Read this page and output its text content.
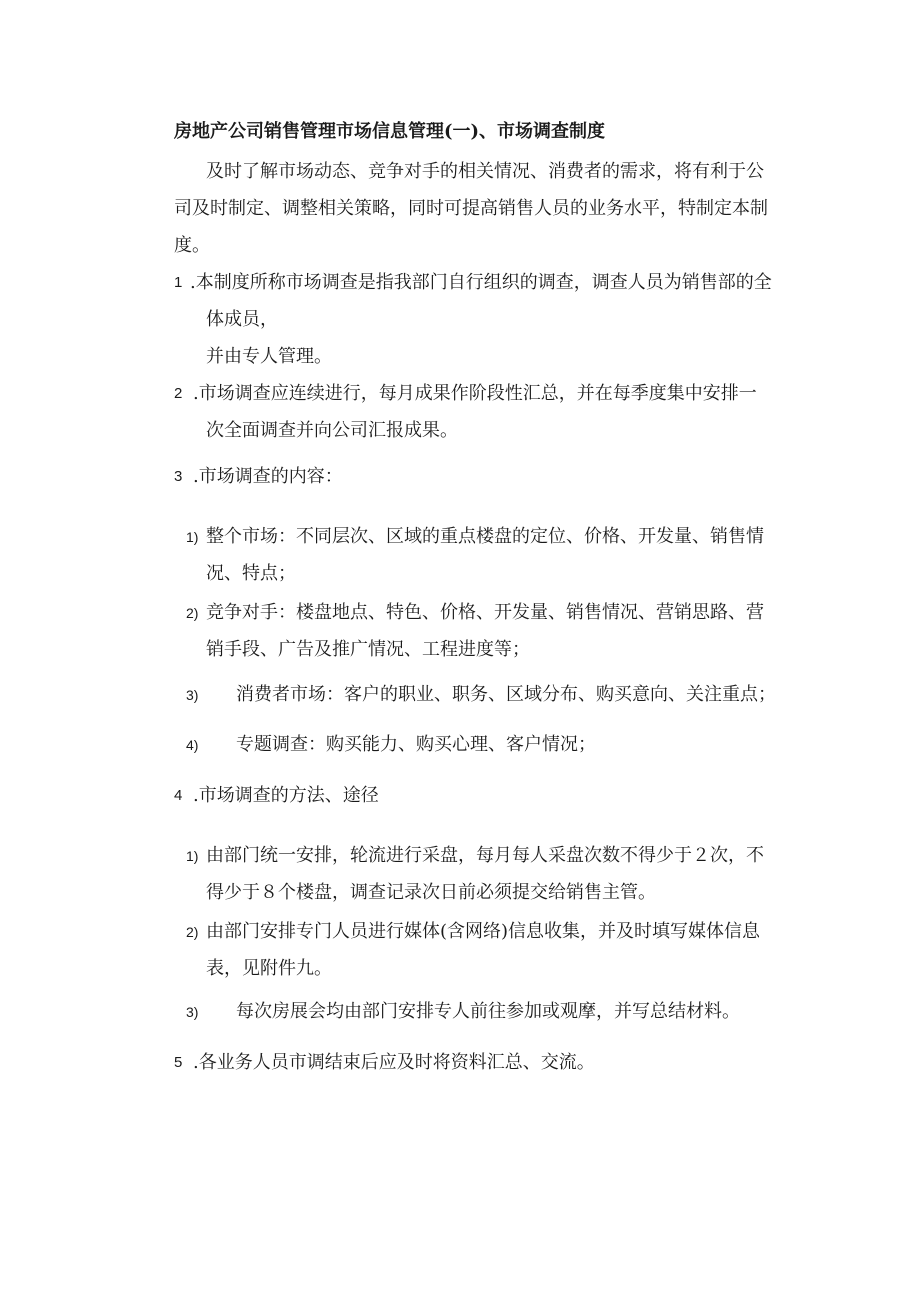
房地产公司销售管理市场信息管理(一)、市场调查制度
及时了解市场动态、竞争对手的相关情况、消费者的需求，将有利于公
司及时制定、调整相关策略，同时可提高销售人员的业务水平，特制定本制
度。
1 .本制度所称市场调查是指我部门自行组织的调查，调查人员为销售部的全
体成员，
并由专人管理。
2 .市场调查应连续进行，每月成果作阶段性汇总，并在每季度集中安排一
次全面调查并向公司汇报成果。
3 .市场调查的内容：
1) 整个市场：不同层次、区域的重点楼盘的定位、价格、开发量、销售情
况、特点；
2) 竞争对手：楼盘地点、特色、价格、开发量、销售情况、营销思路、营
销手段、广告及推广情况、工程进度等；
3) 消费者市场：客户的职业、职务、区域分布、购买意向、关注重点；
4) 专题调查：购买能力、购买心理、客户情况；
4 .市场调查的方法、途径
1) 由部门统一安排，轮流进行采盘，每月每人采盘次数不得少于２次，不
得少于８个楼盘，调查记录次日前必须提交给销售主管。
2) 由部门安排专门人员进行媒体(含网络)信息收集，并及时填写媒体信息
表，见附件九。
3) 每次房展会均由部门安排专人前往参加或观摩，并写总结材料。
5 .各业务人员市调结束后应及时将资料汇总、交流。
